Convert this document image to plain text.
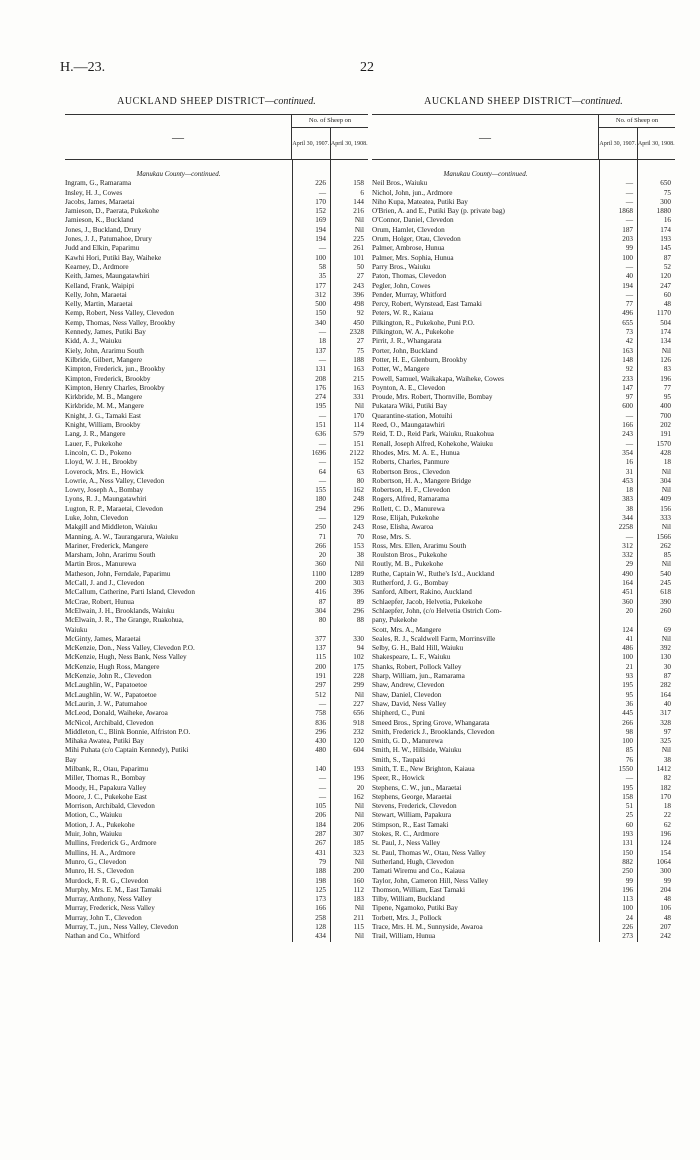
H.—23.	22
AUCKLAND SHEEP DISTRICT—continued.
—
No. of Sheep on
April 30, 1907. April 30, 1908.
Manukau County—continued.
Ingram, G., Ramarama	226	158
Insley, H. J., Cowes	—	6
Jacobs, James, Maraetai	170	144
Jamieson, D., Paerata, Pukekohe	152	216
Jamieson, K., Buckland	169	Nil
Jones, J., Buckland, Drury	194	Nil
Jones, J. J., Patumahoe, Drury	194	225
Judd and Elkin, Paparimu	—	261
Kawhi Hori, Putiki Bay, Waiheke	100	101
Kearney, D., Ardmore	58	50
Keith, James, Maungatawhiri	35	27
Kelland, Frank, Waipipi	177	243
Kelly, John, Maraetai	312	396
Kelly, Martin, Maraetai	500	498
Kemp, Robert, Ness Valley, Clevedon	150	92
Kemp, Thomas, Ness Valley, Brookby	340	450
Kennedy, James, Putiki Bay	—	2328
Kidd, A. J., Waiuku	18	27
Kiely, John, Ararimu South	137	75
Kilbride, Gilbert, Mangere	—	188
Kimpton, Frederick, jun., Brookby	131	163
Kimpton, Frederick, Brookby	208	215
Kimpton, Henry Charles, Brookby	176	163
Kirkbride, M. B., Mangere	274	331
Kirkbride, M. M., Mangere	195	Nil
Knight, J. G., Tamaki East	—	170
Knight, William, Brookby	151	114
Lang, J. R., Mangere	636	579
Lauer, F., Pukekohe	—	151
Lincoln, C. D., Pokeno	1696	2122
Lloyd, W. J. H., Brookby	—	152
Loverock, Mrs. E., Howick	64	63
Lowrie, A., Ness Valley, Clevedon	—	80
Lowry, Joseph A., Bombay	155	162
Lyons, R. J., Maungatawhiri	180	248
Lugton, R. P., Maraetai, Clevedon	294	296
Luke, John, Clevedon	—	129
Makgill and Middleton, Waiuku	250	243
Manning, A. W., Taurangarura, Waiuku	71	70
Mariner, Frederick, Mangere	266	153
Marsham, John, Ararimu South	20	38
Martin Bros., Manurewa	360	Nil
Matheson, John, Ferndale, Paparimu	1100	1289
McCall, J. and J., Clevedon	200	303
McCallum, Catherine, Parti Island, Clevedon	416	396
McCrae, Robert, Hunua	87	89
McElwain, J. H., Brooklands, Waiuku	304	296
McElwain, J. R., The Grange, Ruakohua,	80	88
Waiuku
McGinty, James, Maraetai	377	330
McKenzie, Don., Ness Valley, Clevedon P.O.	137	94
McKenzie, Hugh, Ness Bank, Ness Valley	115	102
McKenzie, Hugh Ross, Mangere	200	175
McKenzie, John R., Clevedon	191	228
McLaughlin, W., Papatoetoe	297	299
McLaughlin, W. W., Papatoetoe	512	Nil
McLaurin, J. W., Patumahoe	—	227
McLeod, Donald, Waiheke, Awaroa	758	656
McNicol, Archibald, Clevedon	836	918
Middleton, C., Blink Bonnie, Alfriston P.O.	296	232
Mihaka Awatea, Putiki Bay	430	120
Mihi Puhata (c/o Captain Kennedy), Putiki	480	604
Bay
Milbank, R., Otau, Paparimu	140	193
Miller, Thomas R., Bombay	—	196
Moody, H., Papakura Valley	—	20
Moore, J. C., Pukekohe East	—	162
Morrison, Archibald, Clevedon	105	Nil
Motion, C., Waiuku	206	Nil
Motion, J. A., Pukekohe	184	206
Muir, John, Waiuku	287	307
Mullins, Frederick G., Ardmore	267	185
Mullins, H. A., Ardmore	431	323
Munro, G., Clevedon	79	Nil
Munro, H. S., Clevedon	188	200
Murdock, F. R. G., Clevedon	198	160
Murphy, Mrs. E. M., East Tamaki	125	112
Murray, Anthony, Ness Valley	173	183
Murray, Frederick, Ness Valley	166	Nil
Murray, John T., Clevedon	258	211
Murray, T., jun., Ness Valley, Clevedon	128	115
Nathan and Co., Whitford	434	Nil
AUCKLAND SHEEP DISTRICT—continued.
—
No. of Sheep on
April 30, 1907. April 30, 1908.
Manukau County—continued.
Neil Bros., Waiuku	—	650
Nichol, John, jun., Ardmore	—	75
Niho Kupa, Mateatea, Putiki Bay	—	300
O'Brien, A. and E., Putiki Bay (p. private bag)	1868	1880
O'Connor, Daniel, Clevedon	—	16
Orum, Hamlet, Clevedon	187	174
Orum, Holger, Otau, Clevedon	203	193
Palmer, Ambrose, Hunua	99	145
Palmer, Mrs. Sophia, Hunua	100	87
Parry Bros., Waiuku	—	52
Paton, Thomas, Clevedon	40	120
Pegler, John, Cowes	194	247
Pender, Murray, Whitford	—	60
Percy, Robert, Wynstead, East Tamaki	77	48
Peters, W. R., Kaiaua	496	1170
Pilkington, R., Pukekohe, Puni P.O.	655	504
Pilkington, W. A., Pukekohe	73	174
Pirrit, J. R., Whangarata	42	134
Porter, John, Buckland	163	Nil
Potter, H. E., Glenburn, Brookby	148	126
Potter, W., Mangere	92	83
Powell, Samuel, Waikakapa, Waiheke, Cowes	233	196
Poynton, A. E., Clevedon	147	77
Proude, Mrs. Robert, Thornville, Bombay	97	95
Pukatara Wiki, Putiki Bay	600	400
Quarantine-station, Motuihi	—	700
Reed, O., Maungatawhiri	166	202
Reid, T. D., Reid Park, Waiuku, Ruakohua	243	191
Renall, Joseph Alfred, Kohekohe, Waiuku	—	1570
Rhodes, Mrs. M. A. E., Hunua	354	428
Roberts, Charles, Panmure	16	18
Robertson Bros., Clevedon	31	Nil
Robertson, H. A., Mangere Bridge	453	304
Robertson, H. F., Clevedon	18	Nil
Rogers, Alfred, Ramarama	383	409
Rollett, C. D., Manurewa	38	156
Rose, Elijah, Pukekohe	344	333
Rose, Elisha, Awaroa	2258	Nil
Rose, Mrs. S.	—	1566
Ross, Mrs. Ellen, Ararimu South	312	262
Roulston Bros., Pukekohe	332	85
Routly, M. B., Pukekohe	29	Nil
Ruthe, Captain W., Ruthe's Is'd., Auckland	490	540
Rutherford, J. G., Bombay	164	245
Sanford, Albert, Rakino, Auckland	451	618
Schlaepfer, Jacob, Helvetia, Pukekohe	360	390
Schlaepfer, John, (c/o Helvetia Ostrich Com-	20	260
pany, Pukekohe
Scott, Mrs. A., Mangere	124	69
Seales, R. J., Scaldwell Farm, Morrinsville	41	Nil
Selby, G. H., Bald Hill, Waiuku	486	392
Shakespeare, L. F., Waiuku	100	130
Shanks, Robert, Pollock Valley	21	30
Sharp, William, jun., Ramarama	93	87
Shaw, Andrew, Clevedon	195	282
Shaw, Daniel, Clevedon	95	164
Shaw, David, Ness Valley	36	40
Shipherd, C., Puni	445	317
Smeed Bros., Spring Grove, Whangarata	266	328
Smith, Frederick J., Brooklands, Clevedon	98	97
Smith, G. D., Manurewa	100	325
Smith, H. W., Hillside, Waiuku	85	Nil
Smith, S., Taupaki	76	38
Smith, T. E., New Brighton, Kaiaua	1550	1412
Speer, R., Howick	—	82
Stephens, C. W., jun., Maraetai	195	182
Stephens, George, Maraetai	158	170
Stevens, Frederick, Clevedon	51	18
Stewart, William, Papakura	25	22
Stimpson, R., East Tamaki	60	62
Stokes, R. C., Ardmore	193	196
St. Paul, J., Ness Valley	131	124
St. Paul, Thomas W., Otau, Ness Valley	150	154
Sutherland, Hugh, Clevedon	882	1064
Tamati Wiremu and Co., Kaiaua	250	300
Taylor, John, Cameron Hill, Ness Valley	99	99
Thomson, William, East Tamaki	196	204
Tilby, William, Buckland	113	48
Tipene, Ngamoko, Putiki Bay	100	106
Torbett, Mrs. J., Pollock	24	48
Trace, Mrs. H. M., Sunnyside, Awaroa	226	207
Trail, William, Hunua	273	242
